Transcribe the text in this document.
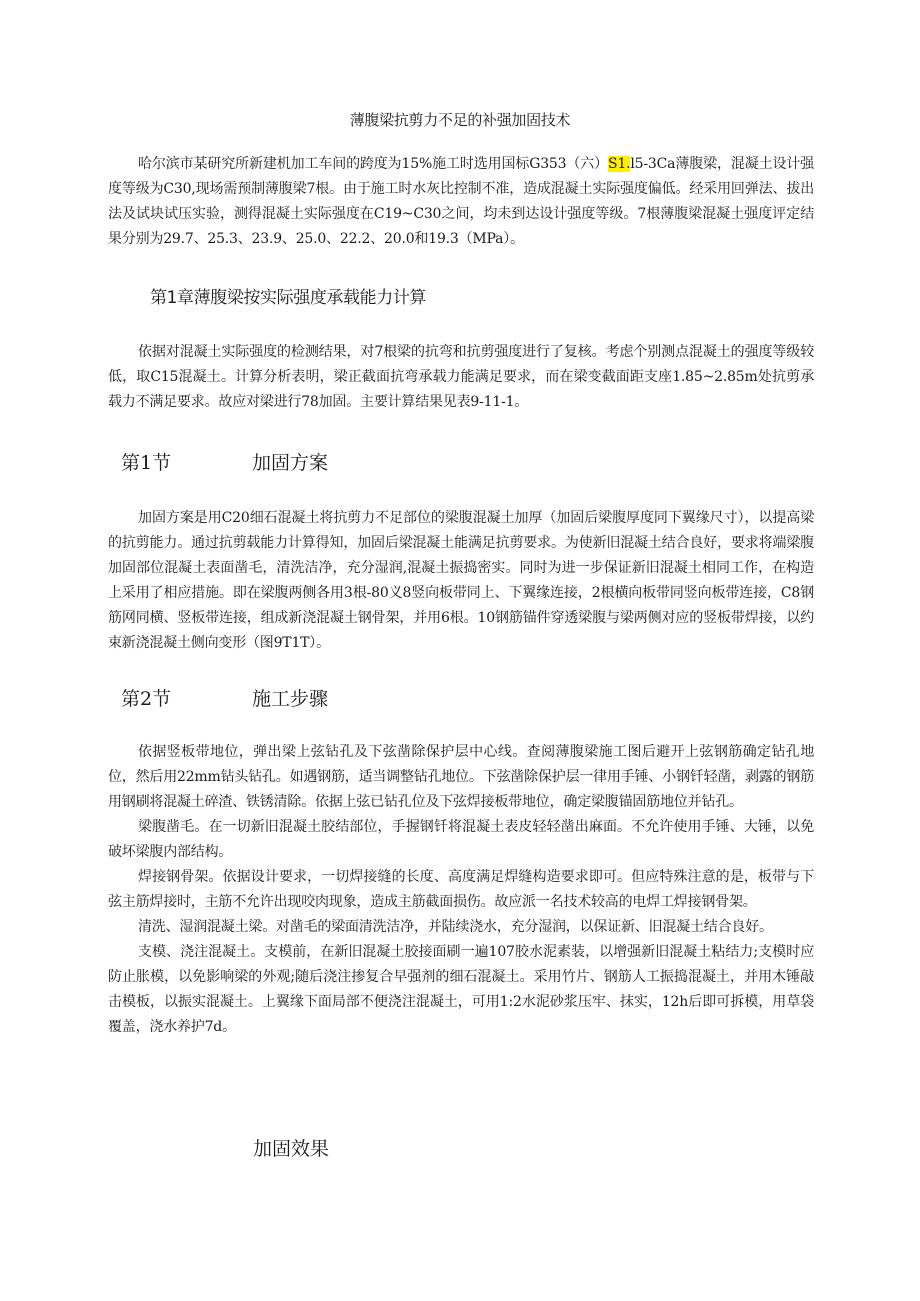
薄腹梁抗剪力不足的补强加固技术

哈尔滨市某研究所新建机加工车间的跨度为15%施工时选用国标G353（六）S1.l5-3Ca薄腹梁，混凝土设计强度等级为C30,现场需预制薄腹梁7根。由于施工时水灰比控制不准，造成混凝土实际强度偏低。经采用回弹法、拔出法及试块试压实验，测得混凝土实际强度在C19~C30之间，均未到达设计强度等级。7根薄腹梁混凝土强度评定结果分别为29.7、25.3、23.9、25.0、22.2、20.0和19.3（MPa）。

第1章薄腹梁按实际强度承载能力计算

依据对混凝土实际强度的检测结果，对7根梁的抗弯和抗剪强度进行了复核。考虑个别测点混凝土的强度等级较低，取C15混凝土。计算分析表明，梁正截面抗弯承载力能满足要求，而在梁变截面距支座1.85~2.85m处抗剪承载力不满足要求。故应对梁进行78加固。主要计算结果见表9-11-1。

第1节	加固方案

加固方案是用C20细石混凝土将抗剪力不足部位的梁腹混凝土加厚（加固后梁腹厚度同下翼缘尺寸），以提高梁的抗剪能力。通过抗剪载能力计算得知，加固后梁混凝土能满足抗剪要求。为使新旧混凝土结合良好，要求将端梁腹加固部位混凝土表面凿毛，清洗洁净，充分湿润,混凝土振捣密实。同时为进一步保证新旧混凝土相同工作，在构造上采用了相应措施。即在梁腹两侧各用3根-80义8竖向板带同上、下翼缘连接，2根横向板带同竖向板带连接，C8钢筋网同横、竖板带连接，组成新浇混凝土钢骨架，并用6根。10钢筋锚件穿透梁腹与梁两侧对应的竖板带焊接，以约束新浇混凝土侧向变形（图9T1T）。

第2节	施工步骤

依据竖板带地位，弹出梁上弦钻孔及下弦凿除保护层中心线。查阅薄腹梁施工图后避开上弦钢筋确定钻孔地位，然后用22mm钻头钻孔。如遇钢筋，适当调整钻孔地位。下弦凿除保护层一律用手锤、小钢钎轻凿，剥露的钢筋用钢刷将混凝土碎渣、铁锈清除。依据上弦已钻孔位及下弦焊接板带地位，确定梁腹锚固筋地位并钻孔。

梁腹凿毛。在一切新旧混凝土胶结部位，手握钢钎将混凝土表皮轻轻凿出麻面。不允许使用手锤、大锤，以免破坏梁腹内部结构。

焊接钢骨架。依据设计要求，一切焊接缝的长度、高度满足焊缝构造要求即可。但应特殊注意的是，板带与下弦主筋焊接时，主筋不允许出现咬肉现象，造成主筋截面损伤。故应派一名技术较高的电焊工焊接钢骨架。

清洗、湿润混凝土梁。对凿毛的梁面清洗洁净，并陆续浇水，充分湿润，以保证新、旧混凝土结合良好。

支模、浇注混凝土。支模前，在新旧混凝土胶接面刷一遍107胶水泥素装，以增强新旧混凝土粘结力;支模时应防止胀模，以免影响梁的外观;随后浇注掺复合早强剂的细石混凝土。采用竹片、钢筋人工振捣混凝土，并用木锤敲击模板，以振实混凝土。上翼缘下面局部不便浇注混凝土，可用1:2水泥砂浆压牢、抹实，12h后即可拆模，用草袋覆盖，浇水养护7d。

加固效果
